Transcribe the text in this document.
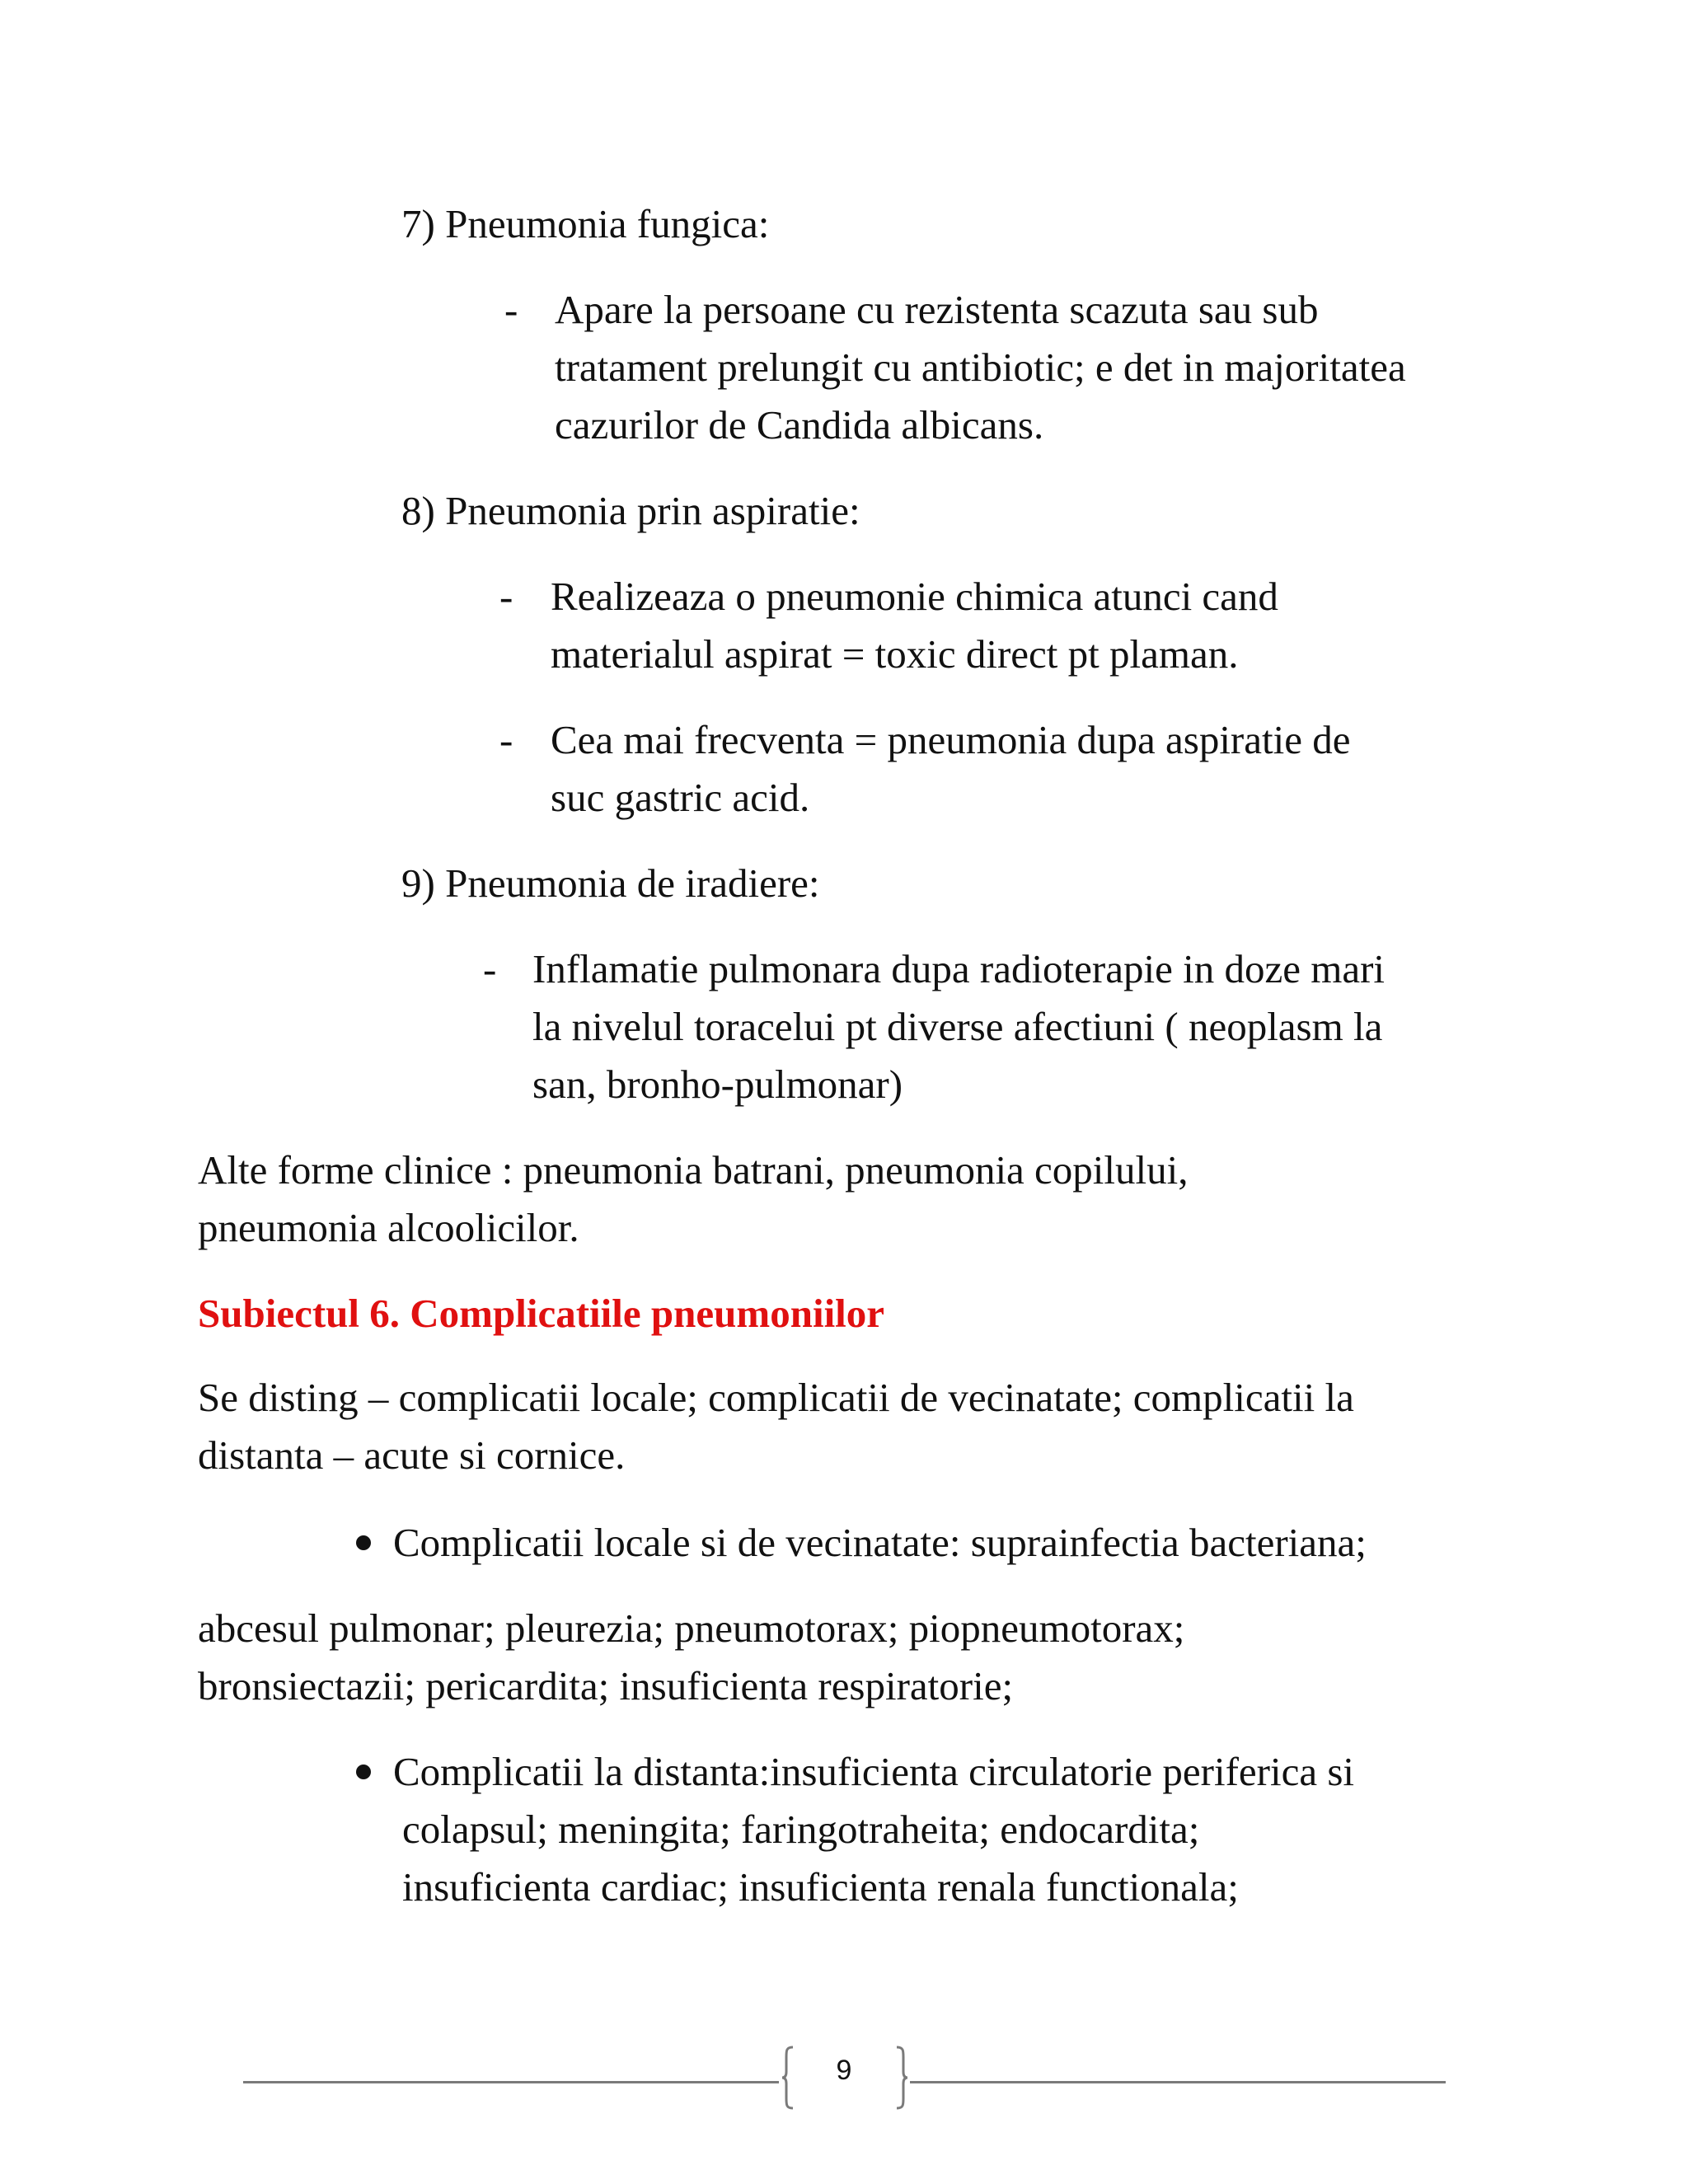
7) Pneumonia fungica:

- Apare la persoane cu rezistenta scazuta sau sub

tratament prelungit cu antibiotic; e det in majoritatea

cazurilor de Candida albicans.

8) Pneumonia prin aspiratie:

- Realizeaza o pneumonie chimica atunci cand

materialul aspirat = toxic direct pt plaman.

- Cea mai frecventa = pneumonia dupa aspiratie de

suc gastric acid.

9) Pneumonia de iradiere:

- Inflamatie pulmonara dupa radioterapie in doze mari

la nivelul toracelui pt diverse afectiuni ( neoplasm la

san, bronho-pulmonar)

Alte forme clinice : pneumonia batrani, pneumonia copilului,

pneumonia alcoolicilor.

Subiectul 6. Complicatiile pneumoniilor

Se disting – complicatii locale; complicatii de vecinatate; complicatii la

distanta – acute si cornice.

Complicatii locale si de vecinatate: suprainfectia bacteriana;

abcesul pulmonar; pleurezia; pneumotorax; piopneumotorax;

bronsiectazii; pericardita; insuficienta respiratorie;

Complicatii la distanta:insuficienta circulatorie periferica si

colapsul; meningita; faringotraheita; endocardita;

insuficienta cardiac; insuficienta renala functionala;

9
